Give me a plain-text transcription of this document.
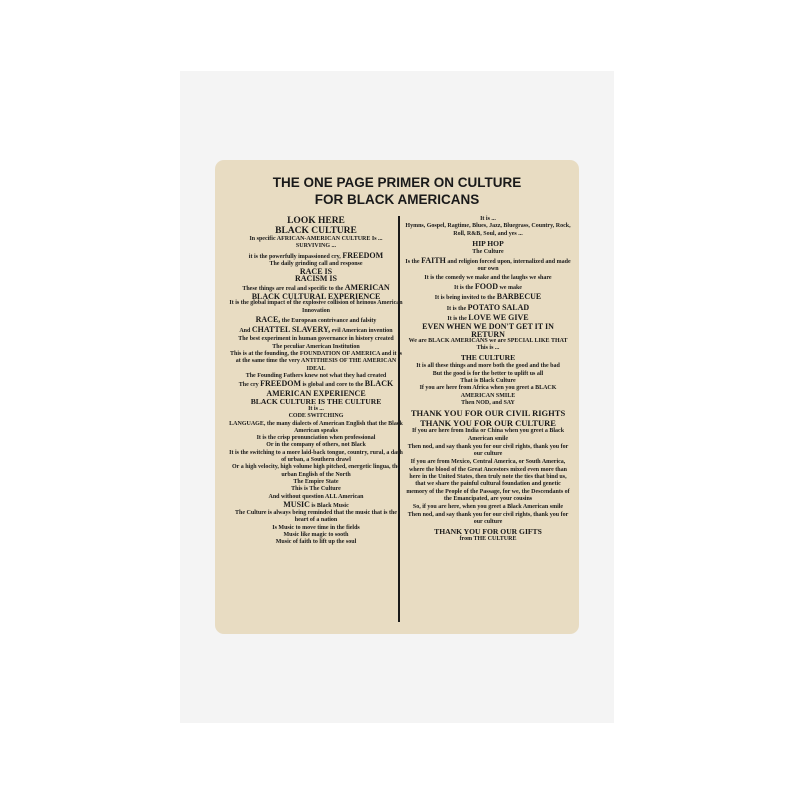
THE ONE PAGE PRIMER ON CULTURE
FOR BLACK AMERICANS
LOOK HERE
BLACK CULTURE
In specific AFRICAN-AMERICAN CULTURE Is ...
SURVIVING ...
it is the powerfully impassioned cry, FREEDOM
The daily grinding call and response
RACE IS
RACISM IS
These things are real and specific to the AMERICAN
BLACK CULTURAL EXPERIENCE
It is the global impact of the explosive collision of heinous American Innovation
RACE, the European contrivance and falsity
And CHATTEL SLAVERY, evil American invention
The best experiment in human governance in history created
The peculiar American Institution
This is at the founding, the FOUNDATION OF AMERICA and it is at the same time the very ANTITHESIS OF THE AMERICAN IDEAL
The Founding Fathers knew not what they had created
The cry FREEDOM is global and core to the BLACK
AMERICAN EXPERIENCE
BLACK CULTURE IS THE CULTURE
It is ...
CODE SWITCHING
LANGUAGE, the many dialects of American English that the Black American speaks
It is the crisp pronunciation when professional
Or in the company of others, not Black
It is the switching to a more laid-back tongue, country, rural, a dash of urban, a Southern drawl
Or a high velocity, high volume high pitched, energetic lingua, the urban English of the North
The Empire State
This is The Culture
And without question ALL American
MUSIC is Black Music
The Culture is always being reminded that the music that is the heart of a nation
Is Music to move time in the fields
Music like magic to sooth
Music of faith to lift up the soul
It is ...
Hymns, Gospel, Ragtime, Blues, Jazz, Bluegrass, Country, Rock, Roll, R&B, Soul, and yes ...
HIP HOP
The Culture
Is the FAITH and religion forced upon, internalized and made our own
It is the comedy we make and the laughs we share
It is the FOOD we make
It is being invited to the BARBECUE
It is the POTATO SALAD
It is the LOVE WE GIVE
EVEN WHEN WE DON'T GET IT IN RETURN
We are BLACK AMERICANS we are SPECIAL LIKE THAT This is ...
THE CULTURE
It is all these things and more both the good and the bad
But the good is for the better to uplift us all
That is Black Culture
If you are here from Africa when you greet a BLACK AMERICAN SMILE
Then NOD, and SAY
THANK YOU FOR OUR CIVIL RIGHTS
THANK YOU FOR OUR CULTURE
If you are here from India or China when you greet a Black American smile
Then nod, and say thank you for our civil rights, thank you for our culture
If you are from Mexico, Central America, or South America, where the blood of the Great Ancestors mixed even more than here in the United States, then truly note the ties that bind us, that we share the painful cultural foundation and genetic memory of the People of the Passage, for we, the Descendants of the Emancipated, are your cousins
So, if you are here, when you greet a Black American smile
Then nod, and say thank you for our civil rights, thank you for our culture
THANK YOU FOR OUR GIFTS
from THE CULTURE
